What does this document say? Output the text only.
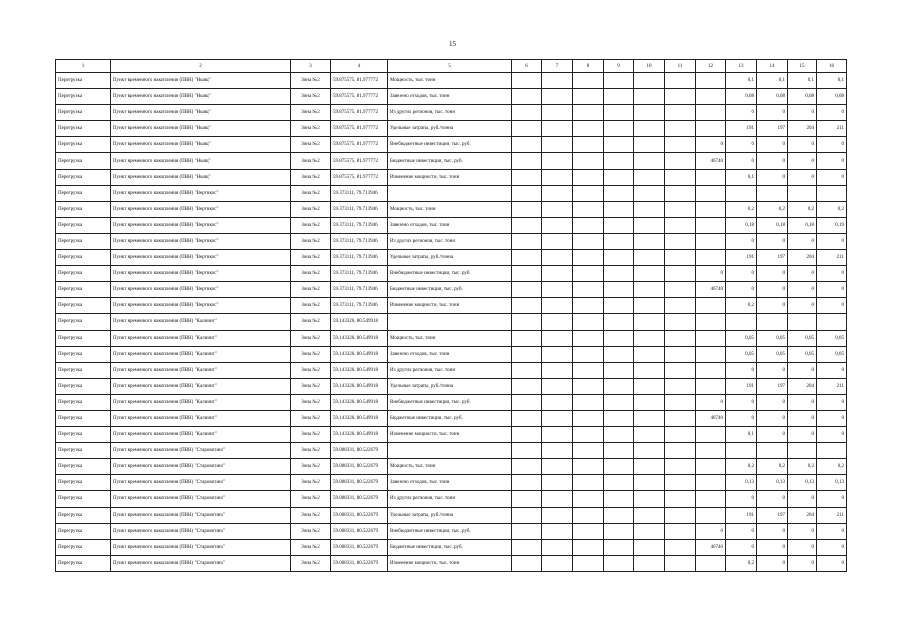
15
1	2	3	4	5	6	7	8	9	10	11	12	13	14	15	16
Перегрузка	Пункт временного накопления (ПВН) "Ныяц"	Зона №2	59.875575, 81.977772	Мощность, тыс. тонн								0,1	0,1	0,1	0,1
Перегрузка	Пункт временного накопления (ПВН) "Ныяц"	Зона №2	59.875575, 81.977772	Завезено отходов, тыс. тонн								0,08	0,08	0,08	0,08
Перегрузка	Пункт временного накопления (ПВН) "Ныяц"	Зона №2	59.875575, 81.977772	Из других регионов, тыс. тонн								0	0	0	0
Перегрузка	Пункт временного накопления (ПВН) "Ныяц"	Зона №2	59.875575, 81.977772	Удельные затраты, руб./тонна								191	197	204	211
Перегрузка	Пункт временного накопления (ПВН) "Ныяц"	Зона №2	59.875575, 81.977772	Внебюджетные инвестиции, тыс. руб.							0	0	0	0	0
Перегрузка	Пункт временного накопления (ПВН) "Ныяц"	Зона №2	59.875575, 81.977772	Бюджетные инвестиции, тыс. руб.							46740	0	0	0	0
Перегрузка	Пункт временного накопления (ПВН) "Ныяц"	Зона №2	59.875575, 81.977772	Изменение мощности, тыс. тонн								0,1	0	0	0
Перегрузка	Пункт временного накопления (ПВН) "Вертикос"	Зона №2	59.373111, 79.713946												
Перегрузка	Пункт временного накопления (ПВН) "Вертикос"	Зона №2	59.373111, 79.713946	Мощность, тыс. тонн								0,2	0,2	0,2	0,2
Перегрузка	Пункт временного накопления (ПВН) "Вертикос"	Зона №2	59.373111, 79.713946	Завезено отходов, тыс. тонн								0,18	0,18	0,18	0,19
Перегрузка	Пункт временного накопления (ПВН) "Вертикос"	Зона №2	59.373111, 79.713946	Из других регионов, тыс. тонн								0	0	0	0
Перегрузка	Пункт временного накопления (ПВН) "Вертикос"	Зона №2	59.373111, 79.713946	Удельные затраты, руб./тонна								191	197	204	211
Перегрузка	Пункт временного накопления (ПВН) "Вертикос"	Зона №2	59.373111, 79.713946	Внебюджетные инвестиции, тыс. руб.							0	0	0	0	0
Перегрузка	Пункт временного накопления (ПВН) "Вертикос"	Зона №2	59.373111, 79.713946	Бюджетные инвестиции, тыс. руб.							46740	0	0	0	0
Перегрузка	Пункт временного накопления (ПВН) "Вертикос"	Зона №2	59.373111, 79.713946	Изменение мощности, тыс. тонн								0,2	0	0	0
Перегрузка	Пункт временного накопления (ПВН) "Калиинг"	Зона №2	59.143326, 80.549918												
Перегрузка	Пункт временного накопления (ПВН) "Калиинг"	Зона №2	59.143326, 80.549918	Мощность, тыс. тонн								0,05	0,05	0,05	0,05
Перегрузка	Пункт временного накопления (ПВН) "Калиинг"	Зона №2	59.143326, 80.549918	Завезено отходов, тыс. тонн								0,05	0,05	0,05	0,05
Перегрузка	Пункт временного накопления (ПВН) "Калиинг"	Зона №2	59.143326, 80.549918	Из других регионов, тыс. тонн								0	0	0	0
Перегрузка	Пункт временного накопления (ПВН) "Калиинг"	Зона №2	59.143326, 80.549918	Удельные затраты, руб./тонна								191	197	204	211
Перегрузка	Пункт временного накопления (ПВН) "Калиинг"	Зона №2	59.143326, 80.549918	Внебюджетные инвестиции, тыс. руб.							0	0	0	0	0
Перегрузка	Пункт временного накопления (ПВН) "Калиинг"	Зона №2	59.143326, 80.549918	Бюджетные инвестиции, тыс. руб.							46740	0	0	0	0
Перегрузка	Пункт временного накопления (ПВН) "Калиинг"	Зона №2	59.143326, 80.549918	Изменение мощности, тыс. тонн								0,1	0	0	0
Перегрузка	Пункт временного накопления (ПВН) "Староюгино"	Зона №2	59.008331, 80.522679												
Перегрузка	Пункт временного накопления (ПВН) "Староюгино"	Зона №2	59.008331, 80.522679	Мощность, тыс. тонн								0,2	0,2	0,2	0,2
Перегрузка	Пункт временного накопления (ПВН) "Староюгино"	Зона №2	59.008331, 80.522679	Завезено отходов, тыс. тонн								0,13	0,13	0,13	0,13
Перегрузка	Пункт временного накопления (ПВН) "Староюгино"	Зона №2	59.008331, 80.522679	Из других регионов, тыс. тонн								0	0	0	0
Перегрузка	Пункт временного накопления (ПВН) "Староюгино"	Зона №2	59.008331, 80.522679	Удельные затраты, руб./тонна								191	197	204	211
Перегрузка	Пункт временного накопления (ПВН) "Староюгино"	Зона №2	59.008331, 80.522679	Внебюджетные инвестиции, тыс. руб.							0	0	0	0	0
Перегрузка	Пункт временного накопления (ПВН) "Староюгино"	Зона №2	59.008331, 80.522679	Бюджетные инвестиции, тыс. руб.							46740	0	0	0	0
Перегрузка	Пункт временного накопления (ПВН) "Староюгино"	Зона №2	59.008331, 80.522679	Изменение мощности, тыс. тонн								0,2	0	0	0
